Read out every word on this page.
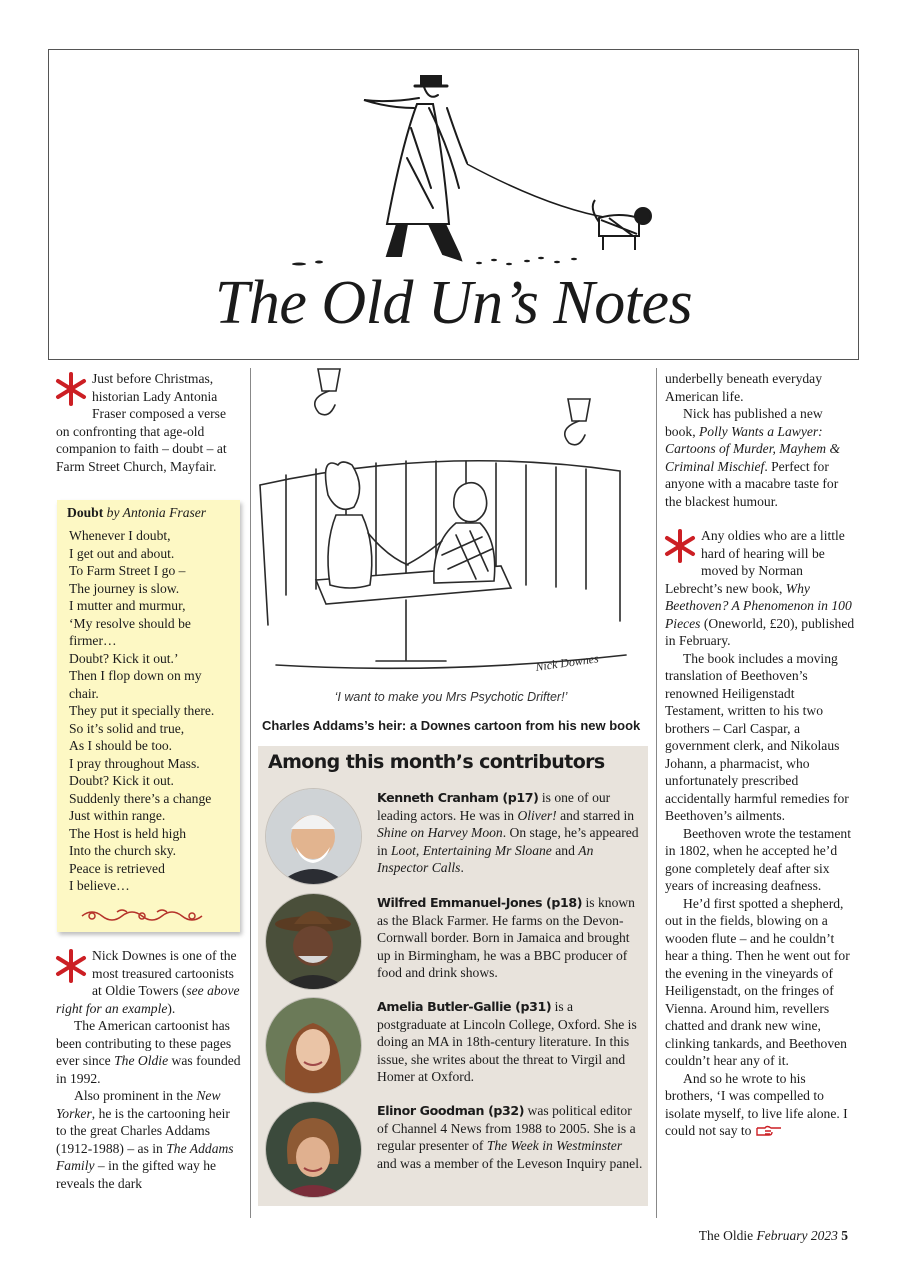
The Old Un’s Notes

Just before Christmas, historian Lady Antonia Fraser composed a verse on confronting that age-old companion to faith – doubt – at Farm Street Church, Mayfair.

Doubt by Antonia Fraser
Whenever I doubt,
I get out and about.
To Farm Street I go –
The journey is slow.
I mutter and murmur,
‘My resolve should be
firmer…
Doubt? Kick it out.’
Then I flop down on my
chair.
They put it specially there.
So it’s solid and true,
As I should be too.
I pray throughout Mass.
Doubt? Kick it out.
Suddenly there’s a change
Just within range.
The Host is held high
Into the church sky.
Peace is retrieved
I believe…

Nick Downes is one of the most treasured cartoonists at Oldie Towers (see above right for an example).

The American cartoonist has been contributing to these pages ever since The Oldie was founded in 1992.

Also prominent in the New Yorker, he is the cartooning heir to the great Charles Addams (1912-1988) – as in The Addams Family – in the gifted way he reveals the dark

Nick Downes
‘I want to make you Mrs Psychotic Drifter!’
Charles Addams’s heir: a Downes cartoon from his new book
Among this month’s contributors
Kenneth Cranham (p17) is one of our leading actors. He was in Oliver! and starred in Shine on Harvey Moon. On stage, he’s appeared in Loot, Entertaining Mr Sloane and An Inspector Calls.
Wilfred Emmanuel-Jones (p18) is known as the Black Farmer. He farms on the Devon-Cornwall border. Born in Jamaica and brought up in Birmingham, he was a BBC producer of food and drink shows.
Amelia Butler-Gallie (p31) is a postgraduate at Lincoln College, Oxford. She is doing an MA in 18th-century literature. In this issue, she writes about the threat to Virgil and Homer at Oxford.
Elinor Goodman (p32) was political editor of Channel 4 News from 1988 to 2005. She is a regular presenter of The Week in Westminster and was a member of the Leveson Inquiry panel.

underbelly beneath everyday American life.

Nick has published a new book, Polly Wants a Lawyer: Cartoons of Murder, Mayhem & Criminal Mischief. Perfect for anyone with a macabre taste for the blackest humour.

Any oldies who are a little hard of hearing will be moved by Norman Lebrecht’s new book, Why Beethoven? A Phenomenon in 100 Pieces (Oneworld, £20), published in February.

The book includes a moving translation of Beethoven’s renowned Heiligenstadt Testament, written to his two brothers – Carl Caspar, a government clerk, and Nikolaus Johann, a pharmacist, who unfortunately prescribed accidentally harmful remedies for Beethoven’s ailments.

Beethoven wrote the testament in 1802, when he accepted he’d gone completely deaf after six years of increasing deafness.

He’d first spotted a shepherd, out in the fields, blowing on a wooden flute – and he couldn’t hear a thing. Then he went out for the evening in the vineyards of Heiligenstadt, on the fringes of Vienna. Around him, revellers chatted and drank new wine, clinking tankards, and Beethoven couldn’t hear any of it.

And so he wrote to his brothers, ‘I was compelled to isolate myself, to live life alone. I could not say to

The Oldie February 2023 5
